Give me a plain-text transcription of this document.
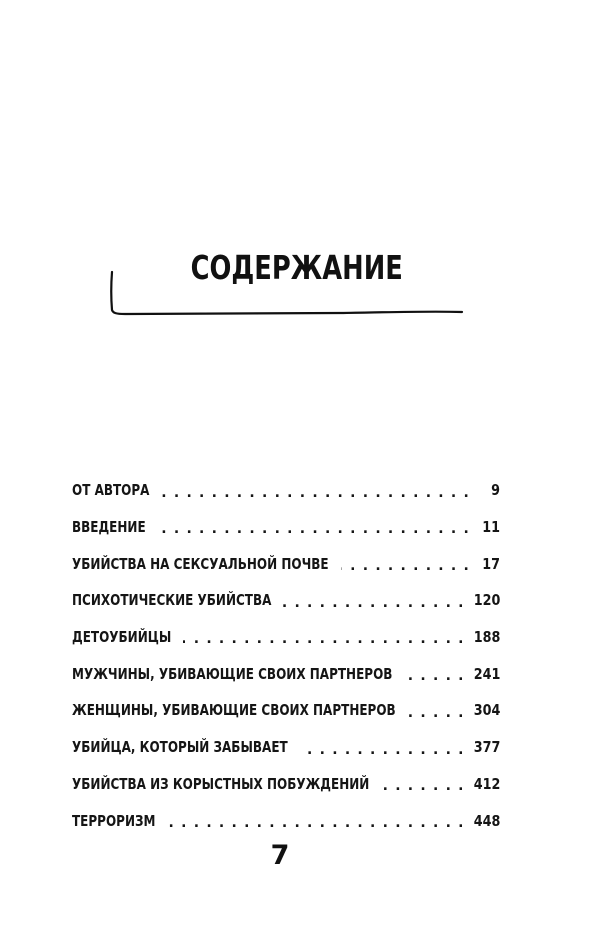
СОДЕРЖАНИЕ
ОТ АВТОРА . . .	9
ВВЕДЕНИЕ . . .	11
УБИЙСТВА НА СЕКСУАЛЬНОЙ ПОЧВЕ . . .	17
ПСИХОТИЧЕСКИЕ УБИЙСТВА . . .	120
ДЕТОУБИЙЦЫ . . .	188
МУЖЧИНЫ, УБИВАЮЩИЕ СВОИХ ПАРТНЕРОВ . . .	241
ЖЕНЩИНЫ, УБИВАЮЩИЕ СВОИХ ПАРТНЕРОВ . . .	304
УБИЙЦА, КОТОРЫЙ ЗАБЫВАЕТ . . .	377
УБИЙСТВА ИЗ КОРЫСТНЫХ ПОБУЖДЕНИЙ . . .	412
ТЕРРОРИЗМ . . .	448
7
